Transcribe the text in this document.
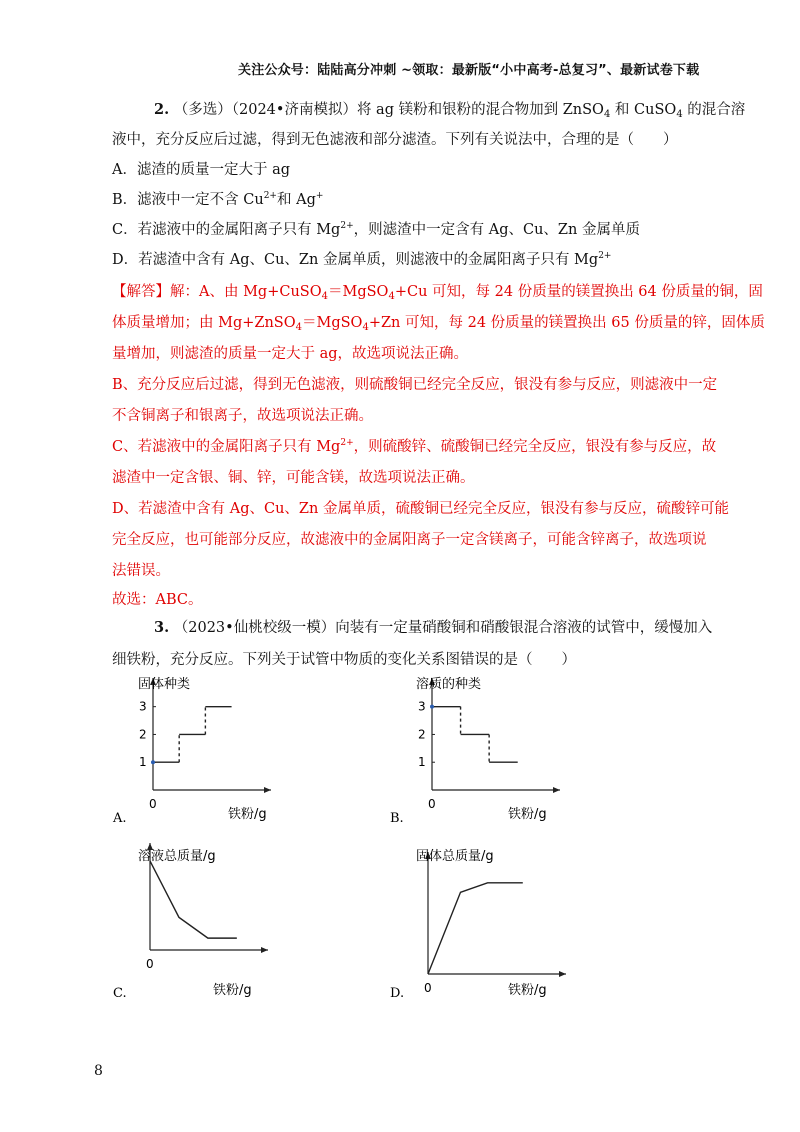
关注公众号：陆陆高分冲刺 ~领取：最新版“小中高考-总复习”、最新试卷下载
2. （多选）（2024•济南模拟）将 ag 镁粉和银粉的混合物加到 ZnSO$_4$ 和 CuSO$_4$ 的混合溶
液中，充分反应后过滤，得到无色滤液和部分滤渣。下列有关说法中，合理的是（　　）
A．滤渣的质量一定大于 ag
B．滤液中一定不含 $Cu^{2+}$和 Ag+
C．若滤液中的金属阳离子只有 $Mg^{2+}$，则滤渣中一定含有 Ag、Cu、Zn 金属单质
D．若滤渣中含有 Ag、Cu、Zn 金属单质，则滤液中的金属阳离子只有 $Mg^{2+}$
【解答】解：A、由 Mg+CuSO$_4$＝MgSO$_4$+Cu 可知，每 24 份质量的镁置换出 64 份质量的铜，固
体质量增加；由 Mg+ZnSO$_4$＝MgSO$_4$+Zn 可知，每 24 份质量的镁置换出 65 份质量的锌，固体质
量增加，则滤渣的质量一定大于 ag，故选项说法正确。
B、充分反应后过滤，得到无色滤液，则硫酸铜已经完全反应，银没有参与反应，则滤液中一定
不含铜离子和银离子，故选项说法正确。
C、若滤液中的金属阳离子只有 $Mg^{2+}$，则硫酸锌、硫酸铜已经完全反应，银没有参与反应，故
滤渣中一定含银、铜、锌，可能含镁，故选项说法正确。
D、若滤渣中含有 Ag、Cu、Zn 金属单质，硫酸铜已经完全反应，银没有参与反应，硫酸锌可能
完全反应，也可能部分反应，故滤液中的金属阳离子一定含镁离子，可能含锌离子，故选项说
法错误。
故选：ABC。
3. （2023•仙桃校级一模）向装有一定量硝酸铜和硝酸银混合溶液的试管中，缓慢加入
细铁粉，充分反应。下列关于试管中物质的变化关系图错误的是（　　）
固体种类
铁粉/g
0
A.
1
2
3
溶质的种类
铁粉/g
0
B.
1
2
3
溶液总质量/g
铁粉/g
0
C.
固体总质量/g
铁粉/g
0
D.
8
